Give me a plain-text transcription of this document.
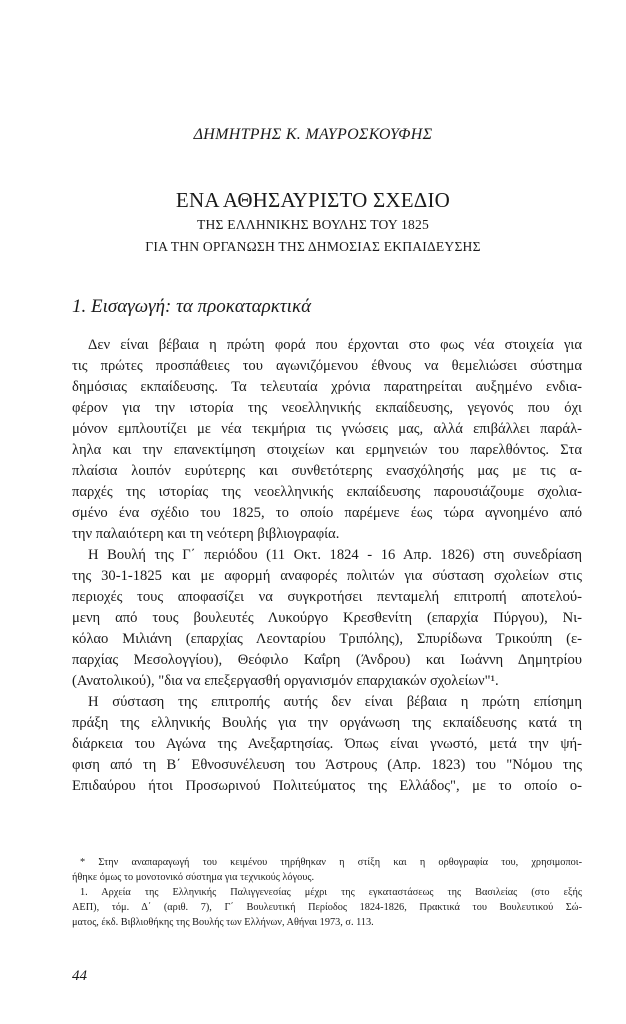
ΔΗΜΗΤΡΗΣ Κ. ΜΑΥΡΟΣΚΟΥΦΗΣ
ΕΝΑ ΑΘΗΣΑΥΡΙΣΤΟ ΣΧΕΔΙΟ
ΤΗΣ ΕΛΛΗΝΙΚΗΣ ΒΟΥΛΗΣ ΤΟΥ 1825
ΓΙΑ ΤΗΝ ΟΡΓΑΝΩΣΗ ΤΗΣ ΔΗΜΟΣΙΑΣ ΕΚΠΑΙΔΕΥΣΗΣ
1. Εισαγωγή: τα προκαταρκτικά
Δεν είναι βέβαια η πρώτη φορά που έρχονται στο φως νέα στοιχεία για
τις πρώτες προσπάθειες του αγωνιζόμενου έθνους να θεμελιώσει σύστημα
δημόσιας εκπαίδευσης. Τα τελευταία χρόνια παρατηρείται αυξημένο ενδια-
φέρον για την ιστορία της νεοελληνικής εκπαίδευσης, γεγονός που όχι
μόνον εμπλουτίζει με νέα τεκμήρια τις γνώσεις μας, αλλά επιβάλλει παράλ-
ληλα και την επανεκτίμηση στοιχείων και ερμηνειών του παρελθόντος. Στα
πλαίσια λοιπόν ευρύτερης και συνθετότερης ενασχόλησής μας με τις α-
παρχές της ιστορίας της νεοελληνικής εκπαίδευσης παρουσιάζουμε σχολια-
σμένο ένα σχέδιο του 1825, το οποίο παρέμενε έως τώρα αγνοημένο από
την παλαιότερη και τη νεότερη βιβλιογραφία.
Η Βουλή της Γ΄ περιόδου (11 Οκτ. 1824 - 16 Απρ. 1826) στη συνεδρίαση
της 30-1-1825 και με αφορμή αναφορές πολιτών για σύσταση σχολείων στις
περιοχές τους αποφασίζει να συγκροτήσει πενταμελή επιτροπή αποτελού-
μενη από τους βουλευτές Λυκούργο Κρεσθενίτη (επαρχία Πύργου), Νι-
κόλαο Μιλιάνη (επαρχίας Λεονταρίου Τριπόλης), Σπυρίδωνα Τρικούπη (ε-
παρχίας Μεσολογγίου), Θεόφιλο Καΐρη (Άνδρου) και Ιωάννη Δημητρίου
(Ανατολικού), "δια να επεξεργασθή οργανισμόν επαρχιακών σχολείων"¹.
Η σύσταση της επιτροπής αυτής δεν είναι βέβαια η πρώτη επίσημη
πράξη της ελληνικής Βουλής για την οργάνωση της εκπαίδευσης κατά τη
διάρκεια του Αγώνα της Ανεξαρτησίας. Όπως είναι γνωστό, μετά την ψή-
φιση από τη Β΄ Εθνοσυνέλευση του Άστρους (Απρ. 1823) του "Νόμου της
Επιδαύρου ήτοι Προσωρινού Πολιτεύματος της Ελλάδος", με το οποίο ο-
* Στην αναπαραγωγή του κειμένου τηρήθηκαν η στίξη και η ορθογραφία του, χρησιμοποι-
ήθηκε όμως το μονοτονικό σύστημα για τεχνικούς λόγους.
1. Αρχεία της Ελληνικής Παλιγγενεσίας μέχρι της εγκαταστάσεως της Βασιλείας (στο εξής
ΑΕΠ), τόμ. Δ΄ (αριθ. 7), Γ΄ Βουλευτική Περίοδος 1824-1826, Πρακτικά του Βουλευτικού Σώ-
ματος, έκδ. Βιβλιοθήκης της Βουλής των Ελλήνων, Αθήναι 1973, σ. 113.
44
